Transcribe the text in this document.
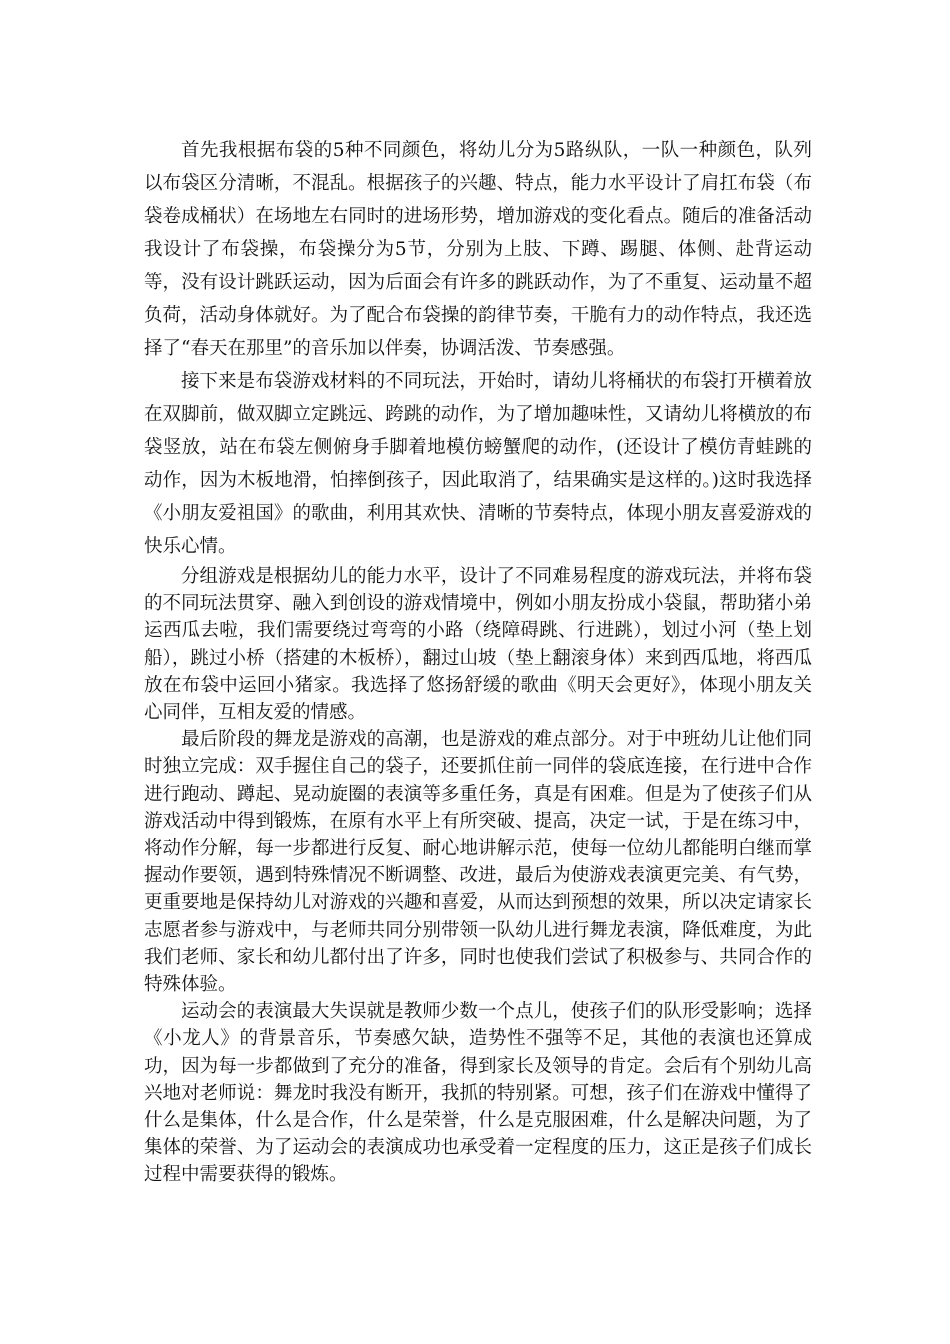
首先我根据布袋的5种不同颜色，将幼儿分为5路纵队，一队一种颜色，队列以布袋区分清晰，不混乱。根据孩子的兴趣、特点，能力水平设计了肩扛布袋（布袋卷成桶状）在场地左右同时的进场形势，增加游戏的变化看点。随后的准备活动我设计了布袋操，布袋操分为5节，分别为上肢、下蹲、踢腿、体侧、赴背运动等，没有设计跳跃运动，因为后面会有许多的跳跃动作，为了不重复、运动量不超负荷，活动身体就好。为了配合布袋操的韵律节奏，干脆有力的动作特点，我还选择了“春天在那里”的音乐加以伴奏，协调活泼、节奏感强。

接下来是布袋游戏材料的不同玩法，开始时，请幼儿将桶状的布袋打开横着放在双脚前，做双脚立定跳远、跨跳的动作，为了增加趣味性，又请幼儿将横放的布袋竖放，站在布袋左侧俯身手脚着地模仿螃蟹爬的动作，(还设计了模仿青蛙跳的动作，因为木板地滑，怕摔倒孩子，因此取消了，结果确实是这样的。)这时我选择《小朋友爱祖国》的歌曲，利用其欢快、清晰的节奏特点，体现小朋友喜爱游戏的快乐心情。

分组游戏是根据幼儿的能力水平，设计了不同难易程度的游戏玩法，并将布袋的不同玩法贯穿、融入到创设的游戏情境中，例如小朋友扮成小袋鼠，帮助猪小弟运西瓜去啦，我们需要绕过弯弯的小路（绕障碍跳、行进跳），划过小河（垫上划船），跳过小桥（搭建的木板桥），翻过山坡（垫上翻滚身体）来到西瓜地，将西瓜放在布袋中运回小猪家。我选择了悠扬舒缓的歌曲《明天会更好》，体现小朋友关心同伴，互相友爱的情感。

最后阶段的舞龙是游戏的高潮，也是游戏的难点部分。对于中班幼儿让他们同时独立完成：双手握住自己的袋子，还要抓住前一同伴的袋底连接，在行进中合作进行跑动、蹲起、晃动旋圈的表演等多重任务，真是有困难。但是为了使孩子们从游戏活动中得到锻炼，在原有水平上有所突破、提高，决定一试，于是在练习中，将动作分解，每一步都进行反复、耐心地讲解示范，使每一位幼儿都能明白继而掌握动作要领，遇到特殊情况不断调整、改进，最后为使游戏表演更完美、有气势，更重要地是保持幼儿对游戏的兴趣和喜爱，从而达到预想的效果，所以决定请家长志愿者参与游戏中，与老师共同分别带领一队幼儿进行舞龙表演，降低难度，为此我们老师、家长和幼儿都付出了许多，同时也使我们尝试了积极参与、共同合作的特殊体验。

运动会的表演最大失误就是教师少数一个点儿，使孩子们的队形受影响；选择《小龙人》的背景音乐，节奏感欠缺，造势性不强等不足，其他的表演也还算成功，因为每一步都做到了充分的准备，得到家长及领导的肯定。会后有个别幼儿高兴地对老师说：舞龙时我没有断开，我抓的特别紧。可想，孩子们在游戏中懂得了什么是集体，什么是合作，什么是荣誉，什么是克服困难，什么是解决问题，为了集体的荣誉、为了运动会的表演成功也承受着一定程度的压力，这正是孩子们成长过程中需要获得的锻炼。
